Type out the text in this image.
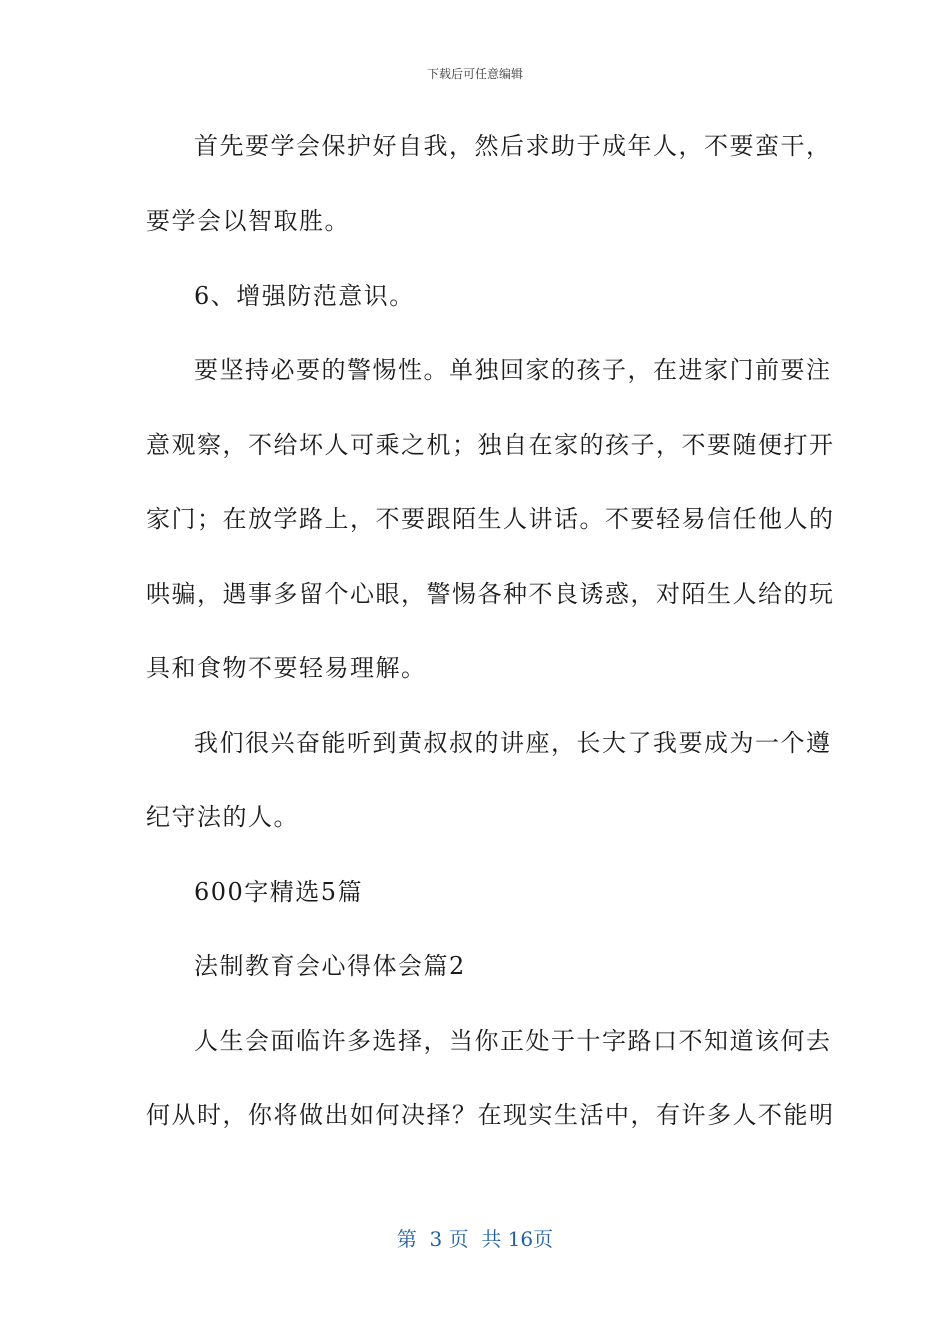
下载后可任意编辑
首先要学会保护好自我，然后求助于成年人，不要蛮干，
要学会以智取胜。
6、增强防范意识。
要坚持必要的警惕性。单独回家的孩子，在进家门前要注
意观察，不给坏人可乘之机；独自在家的孩子，不要随便打开
家门；在放学路上，不要跟陌生人讲话。不要轻易信任他人的
哄骗，遇事多留个心眼，警惕各种不良诱惑，对陌生人给的玩
具和食物不要轻易理解。
我们很兴奋能听到黄叔叔的讲座，长大了我要成为一个遵
纪守法的人。
600字精选5篇
法制教育会心得体会篇2
人生会面临许多选择，当你正处于十字路口不知道该何去
何从时，你将做出如何决择？在现实生活中，有许多人不能明
第  3 页  共 16页
